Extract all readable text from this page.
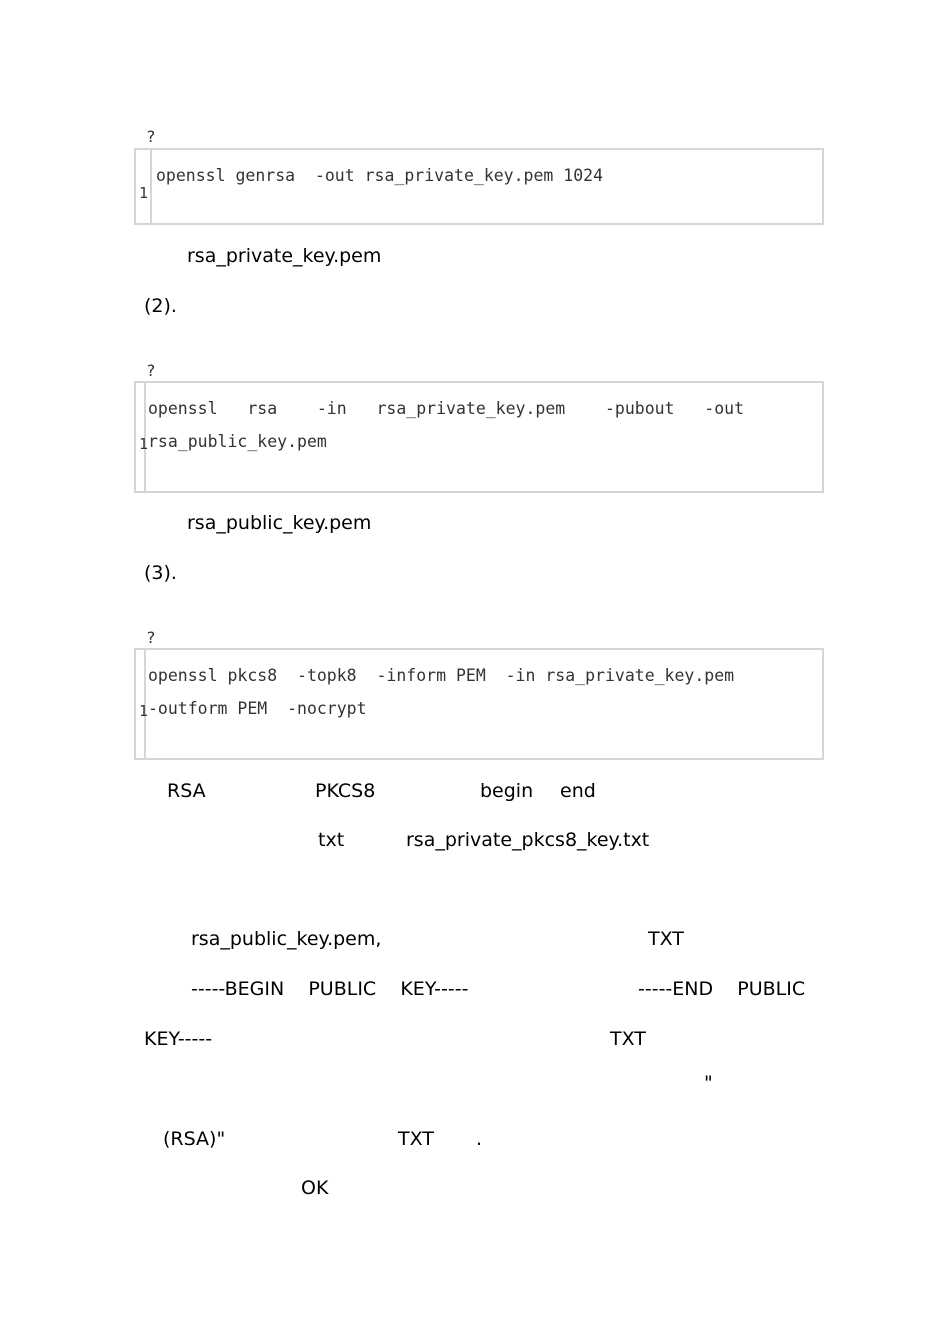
?
1
openssl genrsa  -out rsa_private_key.pem 1024
rsa_private_key.pem
(2).
?
1
openssl   rsa    -in   rsa_private_key.pem    -pubout   -out
rsa_public_key.pem
rsa_public_key.pem
(3).
?
1
openssl pkcs8  -topk8  -inform PEM  -in rsa_private_key.pem
-outform PEM  -nocrypt
RSA	PKCS8	begin end
txt	rsa_private_pkcs8_key.txt
rsa_public_key.pem,	TXT
-----BEGIN    PUBLIC    KEY-----	-----END    PUBLIC
KEY-----	TXT
"
(RSA)"	TXT .
OK
